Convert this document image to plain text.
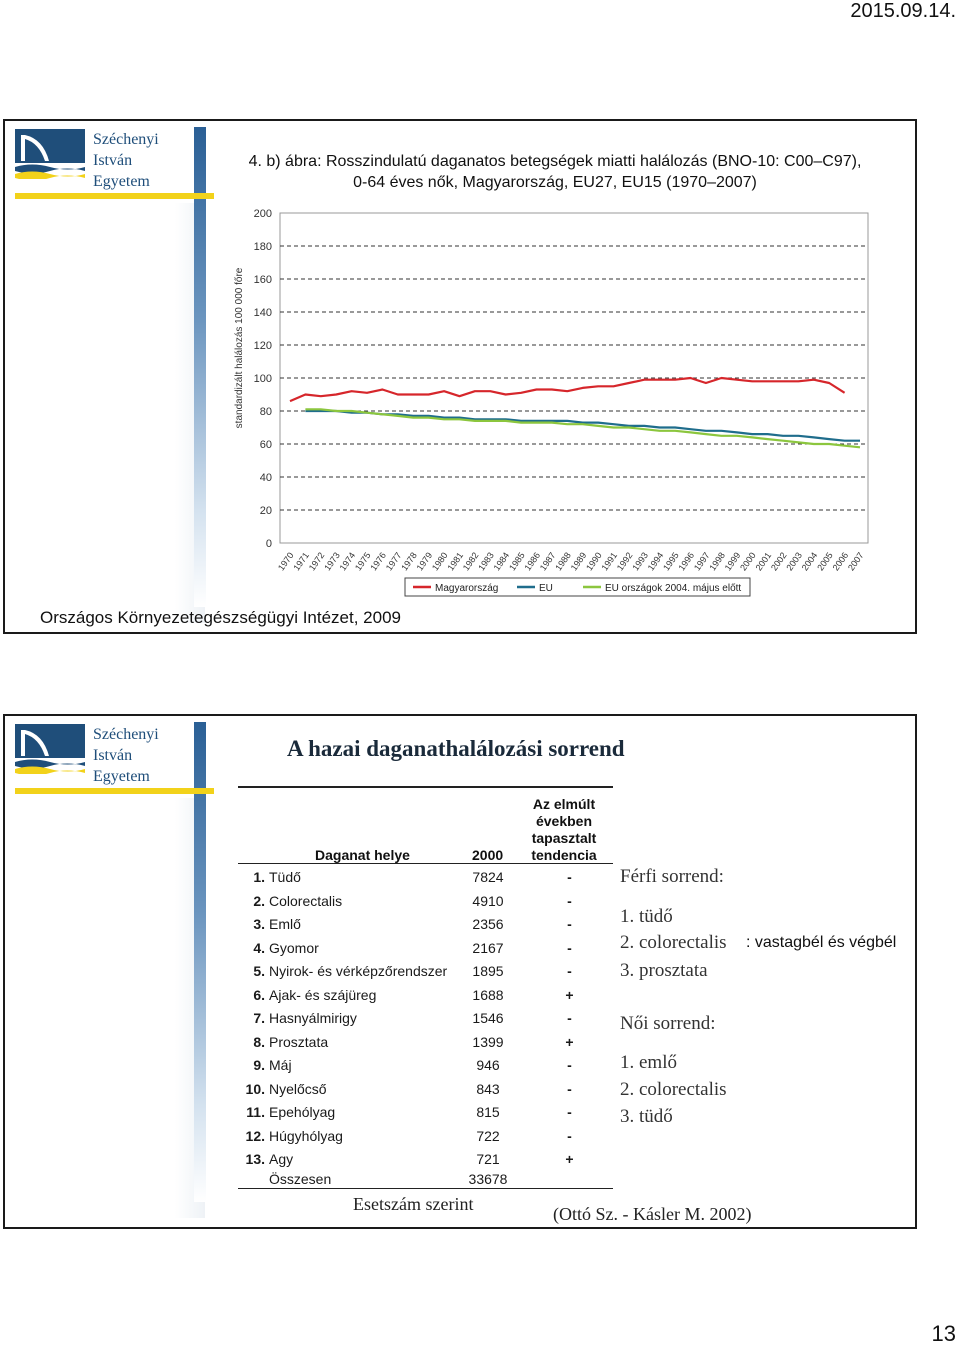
2015.09.14.
Széchenyi
István
Egyetem
4. b) ábra: Rosszindulatú daganatos betegségek miatti halálozás (BNO-10: C00–C97),
0-64 éves nők, Magyarország, EU27, EU15 (1970–2007)
0
20
40
60
80
100
120
140
160
180
200
1970
1971
1972
1973
1974
1975
1976
1977
1978
1979
1980
1981
1982
1983
1984
1985
1986
1987
1988
1989
1990
1991
1992
1993
1994
1995
1996
1997
1998
1999
2000
2001
2002
2003
2004
2005
2006
2007
standardizált halálozás 100 000 főre
Magyarország	EU	EU országok 2004. május előtt
Országos Környezetegészségügyi Intézet, 2009
Széchenyi
István
Egyetem
A hazai daganathalálozási sorrend
Daganat helye	2000
Az elmúlt
években
tapasztalt
tendencia
1. Tüdő	7824	-
2. Colorectalis	4910	-
3. Emlő	2356	-
4. Gyomor	2167	-
5. Nyirok- és vérképzőrendszer	1895	-
6. Ajak- és szájüreg	1688	+
7. Hasnyálmirigy	1546	-
8. Prosztata	1399	+
9. Máj	946	-
10. Nyelőcső	843	-
11. Epehólyag	815	-
12. Húgyhólyag	722	-
13. Agy	721	+
Összesen	33678
Esetszám szerint	(Ottó Sz. - Kásler M. 2002)
Férfi sorrend:
1. tüdő
2. colorectalis
3. prosztata
: vastagbél és végbél
Női sorrend:
1. emlő
2. colorectalis
3. tüdő
13
